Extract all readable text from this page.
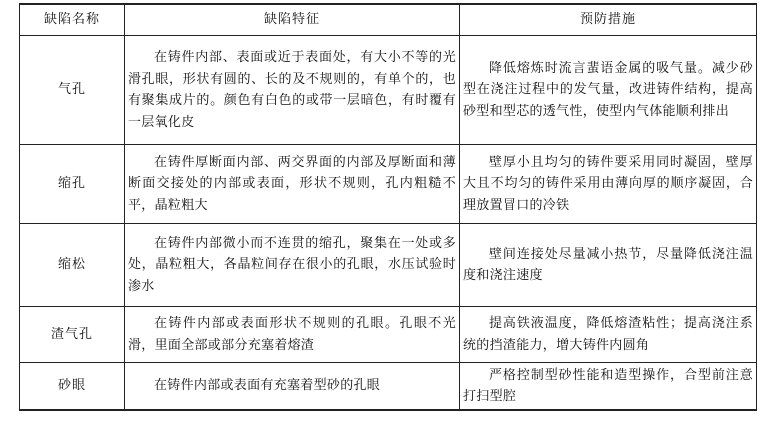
缺陷名称	缺陷特征	预防措施
气孔	在铸件内部、表面或近于表面处，有大小不等的光滑孔眼，形状有圆的、长的及不规则的，有单个的，也有聚集成片的。颜色有白色的或带一层暗色，有时覆有一层氧化皮	降低熔炼时流言蜚语金属的吸气量。减少砂型在浇注过程中的发气量，改进铸件结构，提高砂型和型芯的透气性，使型内气体能顺利排出
缩孔	在铸件厚断面内部、两交界面的内部及厚断面和薄断面交接处的内部或表面，形状不规则，孔内粗糙不平，晶粒粗大	壁厚小且均匀的铸件要采用同时凝固，壁厚大且不均匀的铸件采用由薄向厚的顺序凝固，合理放置冒口的冷铁
缩松	在铸件内部微小而不连贯的缩孔，聚集在一处或多处，晶粒粗大，各晶粒间存在很小的孔眼，水压试验时渗水	壁间连接处尽量减小热节，尽量降低浇注温度和浇注速度
渣气孔	在铸件内部或表面形状不规则的孔眼。孔眼不光滑，里面全部或部分充塞着熔渣	提高铁液温度，降低熔渣粘性；提高浇注系统的挡渣能力，增大铸件内圆角
砂眼	在铸件内部或表面有充塞着型砂的孔眼	严格控制型砂性能和造型操作，合型前注意打扫型腔
